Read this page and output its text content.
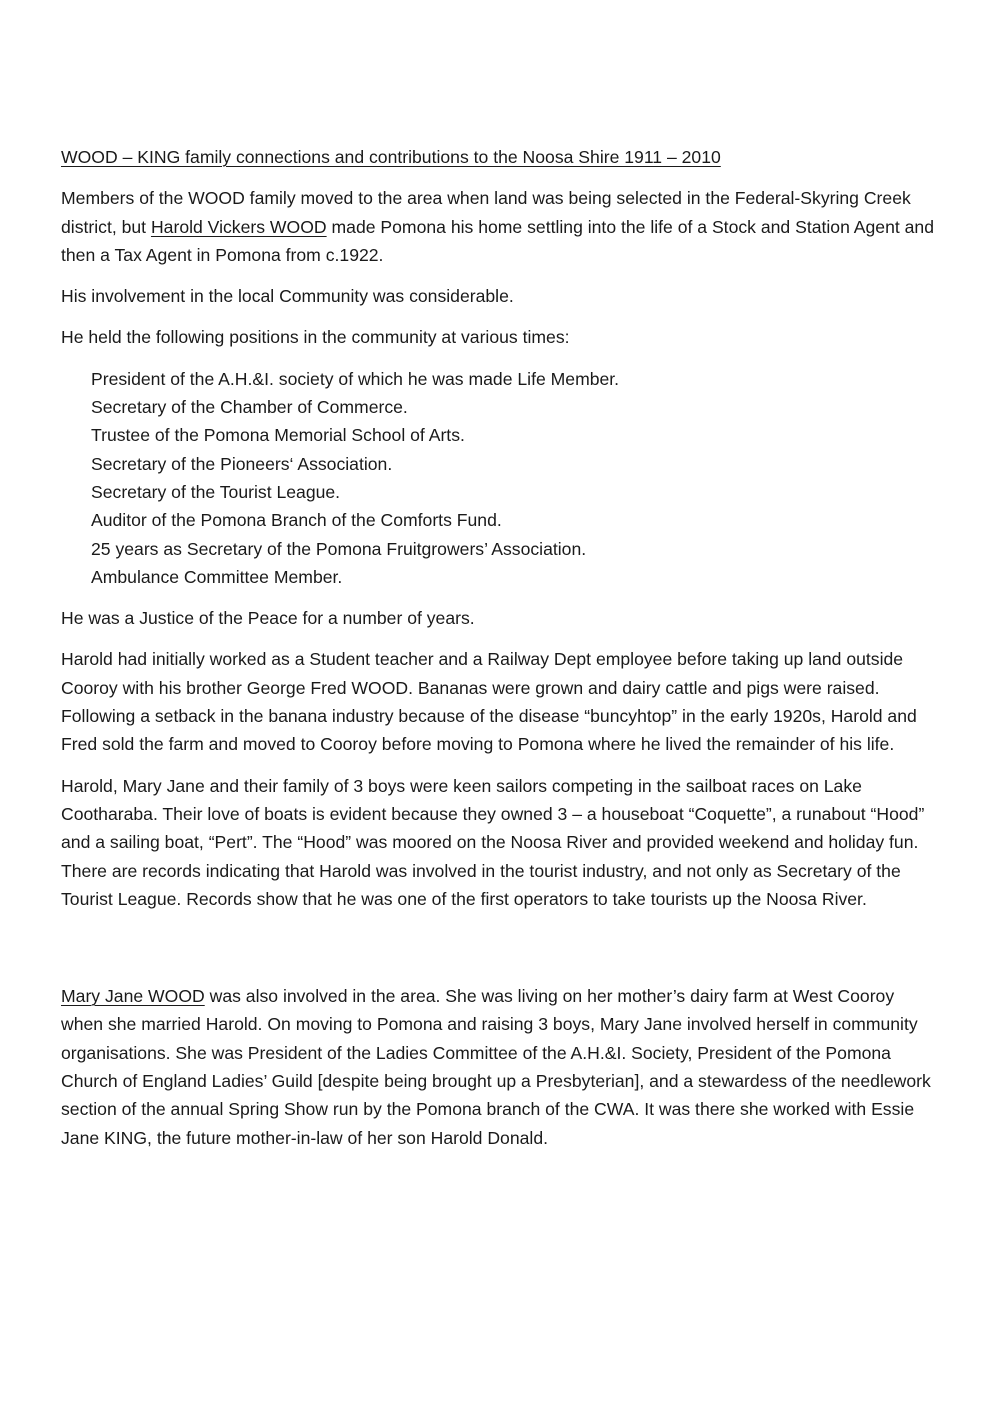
WOOD – KING family connections and contributions to the Noosa Shire 1911 – 2010

Members of the WOOD family moved to the area when land was being selected in the Federal-Skyring Creek district, but Harold Vickers WOOD made Pomona his home settling into the life of a Stock and Station Agent and then a Tax Agent in Pomona from c.1922.

His involvement in the local Community was considerable.

He held the following positions in the community at various times:

President of the A.H.&I. society of which he was made Life Member.
Secretary of the Chamber of Commerce.
Trustee of the Pomona Memorial School of Arts.
Secretary of the Pioneers‘ Association.
Secretary of the Tourist League.
Auditor of the Pomona Branch of the Comforts Fund.
25 years as Secretary of the Pomona Fruitgrowers’ Association.
Ambulance Committee Member.

He was a Justice of the Peace for a number of years.

Harold had initially worked as a Student teacher and a Railway Dept employee before taking up land outside Cooroy with his brother George Fred WOOD. Bananas were grown and dairy cattle and pigs were raised. Following a setback in the banana industry because of the disease “buncyhtop” in the early 1920s, Harold and Fred sold the farm and moved to Cooroy before moving to Pomona where he lived the remainder of his life.

Harold, Mary Jane and their family of 3 boys were keen sailors competing in the sailboat races on Lake Cootharaba. Their love of boats is evident because they owned 3 – a houseboat “Coquette”, a runabout “Hood” and a sailing boat, “Pert”. The “Hood” was moored on the Noosa River and provided weekend and holiday fun. There are records indicating that Harold was involved in the tourist industry, and not only as Secretary of the Tourist League. Records show that he was one of the first operators to take tourists up the Noosa River.

Mary Jane WOOD was also involved in the area. She was living on her mother’s dairy farm at West Cooroy when she married Harold. On moving to Pomona and raising 3 boys, Mary Jane involved herself in community organisations. She was President of the Ladies Committee of the A.H.&I. Society, President of the Pomona Church of England Ladies’ Guild [despite being brought up a Presbyterian], and a stewardess of the needlework section of the annual Spring Show run by the Pomona branch of the CWA. It was there she worked with Essie Jane KING, the future mother-in-law of her son Harold Donald.
